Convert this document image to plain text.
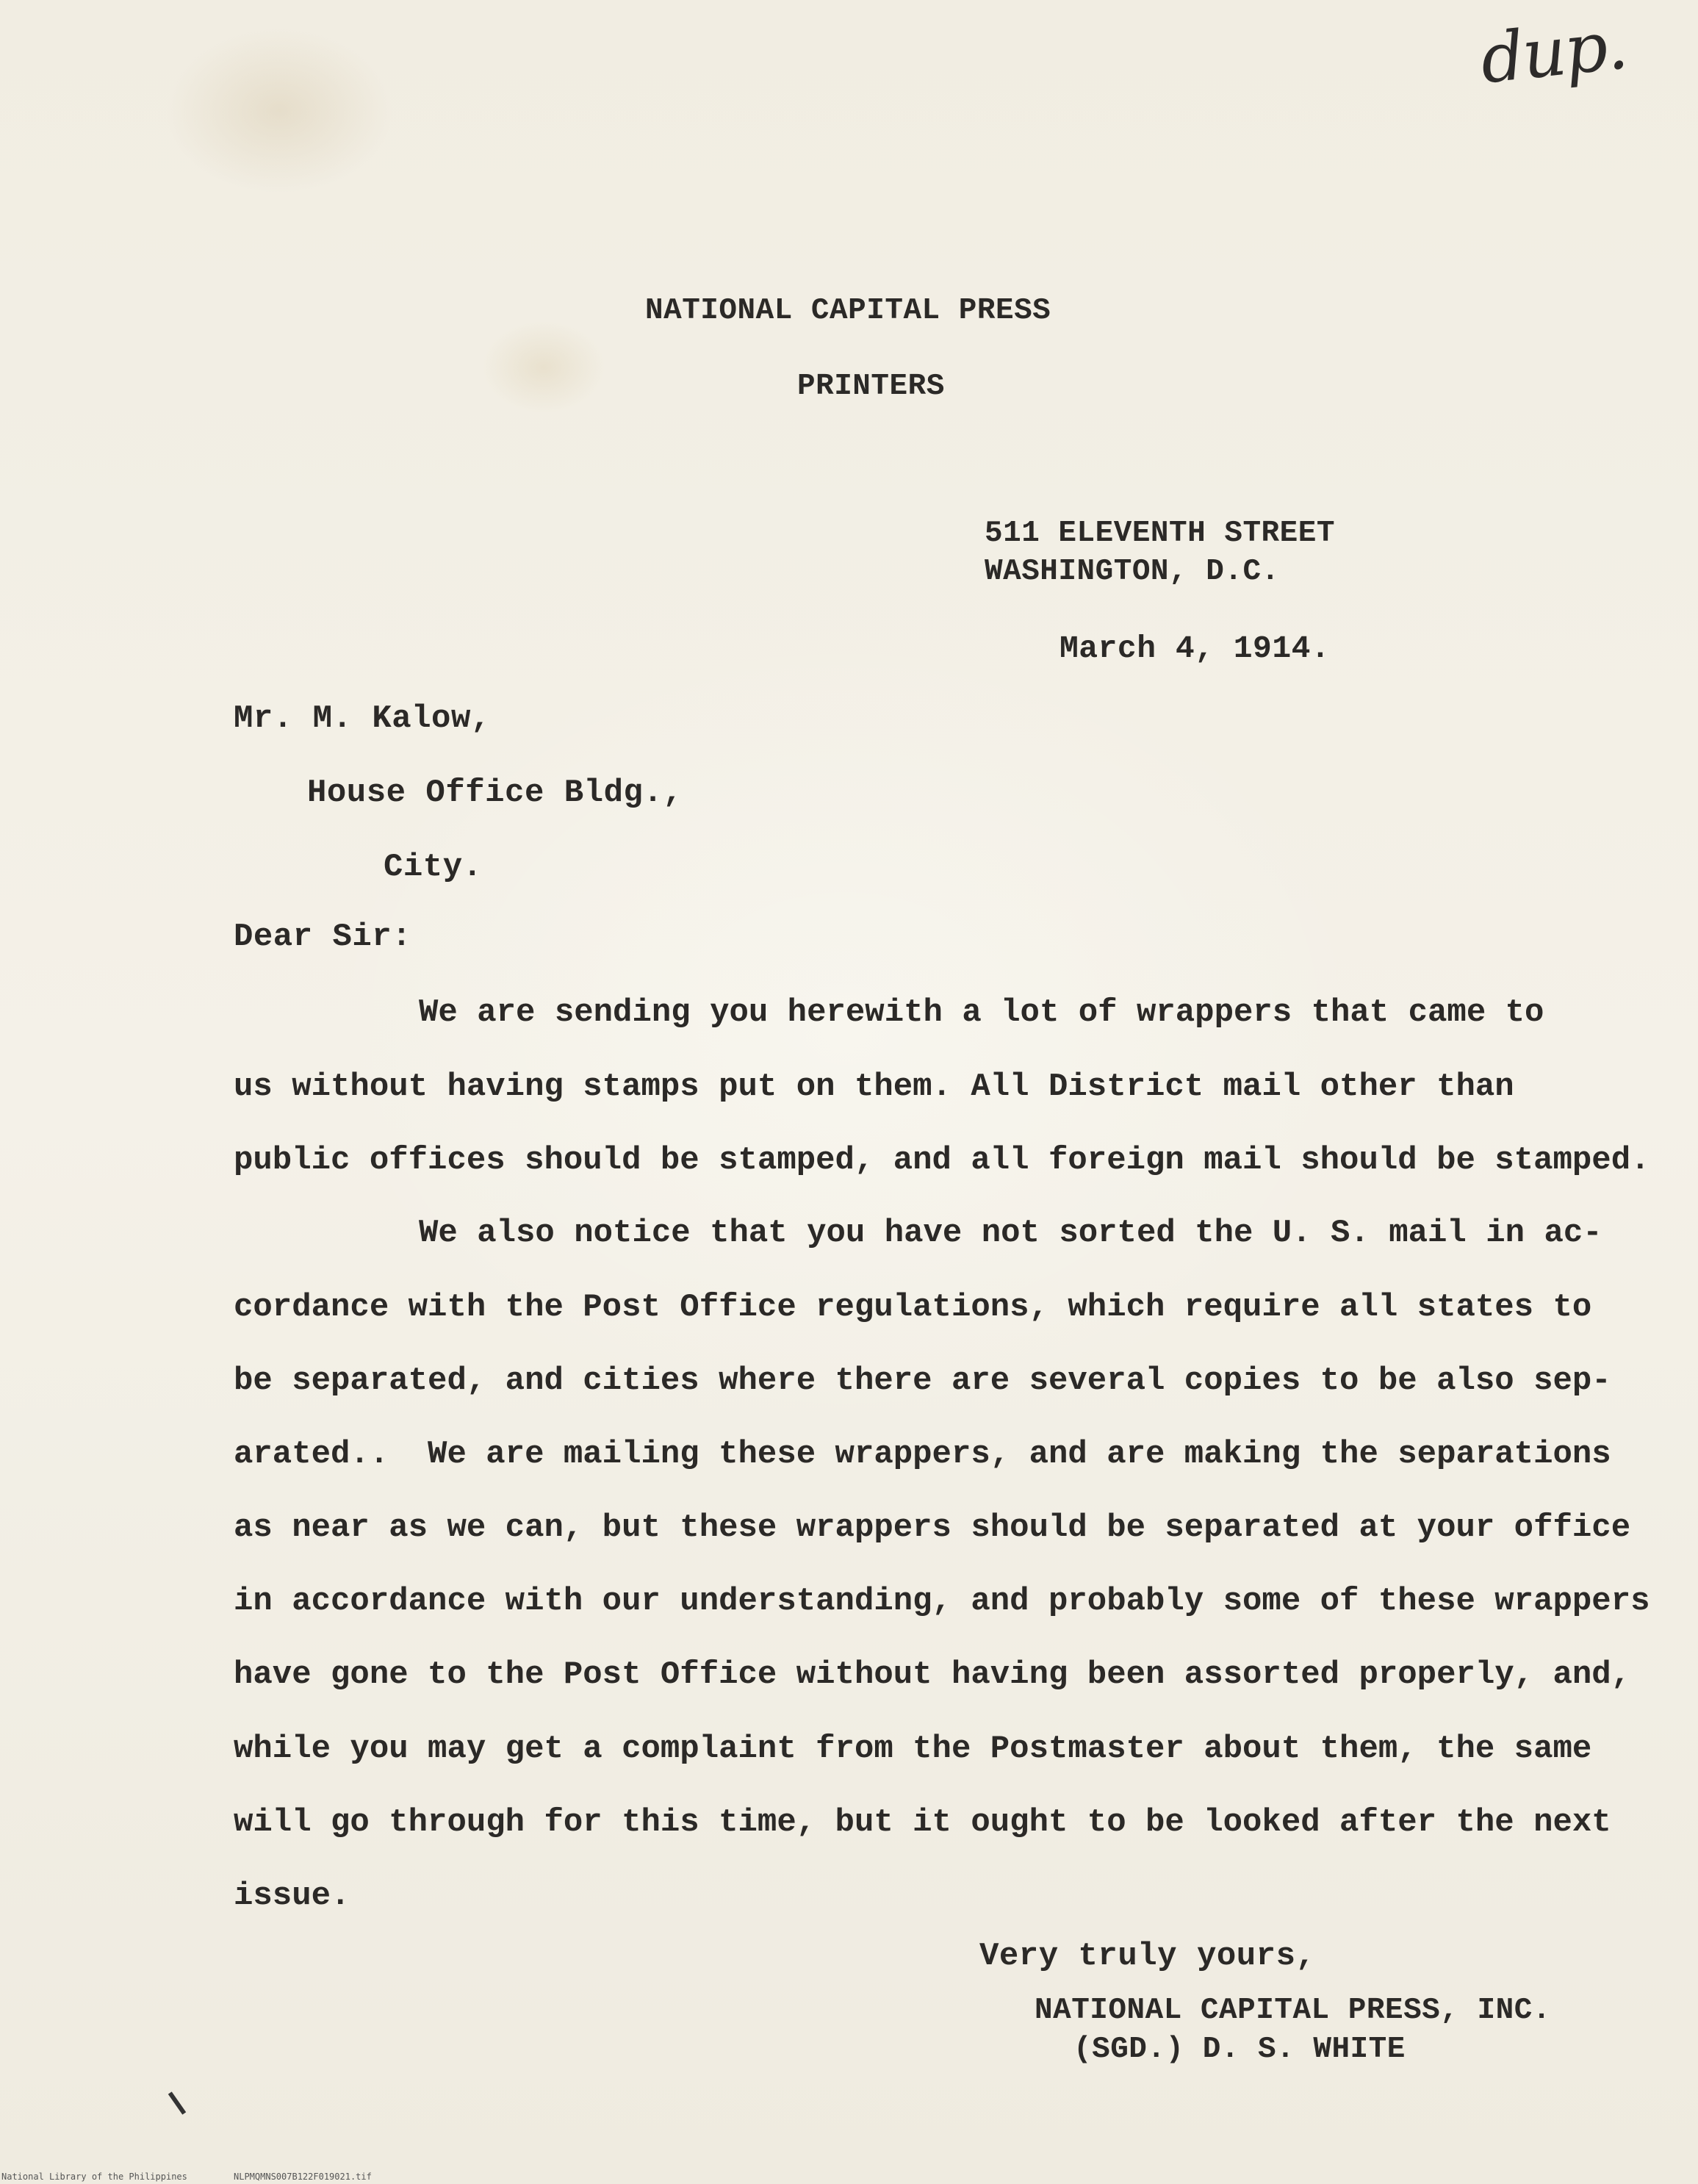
dup.
NATIONAL CAPITAL PRESS
PRINTERS
511 ELEVENTH STREET
WASHINGTON, D.C.
March 4, 1914.
Mr. M. Kalow,
House Office Bldg.,
City.
Dear Sir:
We are sending you herewith a lot of wrappers that came to
us without having stamps put on them. All District mail other than
public offices should be stamped, and all foreign mail should be stamped.
We also notice that you have not sorted the U. S. mail in ac-
cordance with the Post Office regulations, which require all states to
be separated, and cities where there are several copies to be also sep-
arated..  We are mailing these wrappers, and are making the separations
as near as we can, but these wrappers should be separated at your office
in accordance with our understanding, and probably some of these wrappers
have gone to the Post Office without having been assorted properly, and,
while you may get a complaint from the Postmaster about them, the same
will go through for this time, but it ought to be looked after the next
issue.
Very truly yours,
NATIONAL CAPITAL PRESS, INC.
(SGD.) D. S. WHITE
National Library of the Philippines	NLPMQMNS007B122F019021.tif
